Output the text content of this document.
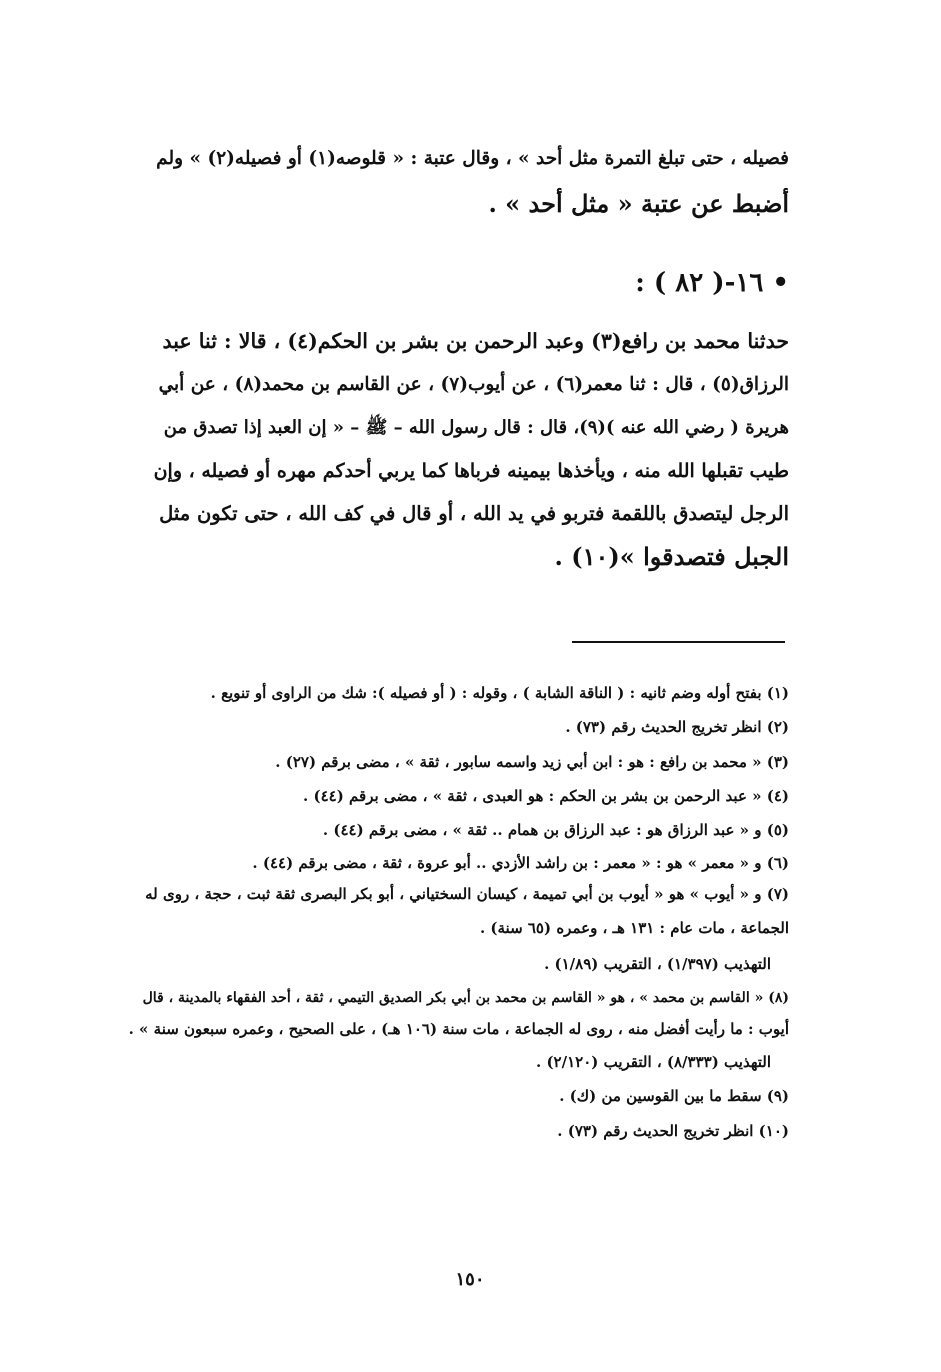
فصيله ، حتى تبلغ التمرة مثل أحد » ، وقال عتبة : « قلوصه(١) أو فصيله(٢) » ولم
أضبط عن عتبة « مثل أحد » .
• ١٦-( ٨٢ ) :
حدثنا محمد بن رافع(٣) وعبد الرحمن بن بشر بن الحكم(٤) ، قالا : ثنا عبد
الرزاق(٥) ، قال : ثنا معمر(٦) ، عن أيوب(٧) ، عن القاسم بن محمد(٨) ، عن أبي
هريرة ( رضي الله عنه )(٩)، قال : قال رسول الله – ﷺ – « إن العبد إذا تصدق من
طيب تقبلها الله منه ، ويأخذها بيمينه فرباها كما يربي أحدكم مهره أو فصيله ، وإن
الرجل ليتصدق باللقمة فتربو في يد الله ، أو قال في كف الله ، حتى تكون مثل
الجبل فتصدقوا »(١٠) .
(١) بفتح أوله وضم ثانيه : ( الناقة الشابة ) ، وقوله : ( أو فصيله ): شك من الراوى أو تنويع .
(٢) انظر تخريج الحديث رقم (٧٣) .
(٣) « محمد بن رافع : هو : ابن أبي زيد واسمه سابور ، ثقة » ، مضى برقم (٢٧) .
(٤) « عبد الرحمن بن بشر بن الحكم : هو العبدى ، ثقة » ، مضى برقم (٤٤) .
(٥) و « عبد الرزاق هو : عبد الرزاق بن همام .. ثقة » ، مضى برقم (٤٤) .
(٦) و « معمر » هو : « معمر : بن راشد الأزدي .. أبو عروة ، ثقة ، مضى برقم (٤٤) .
(٧) و « أيوب » هو « أيوب بن أبي تميمة ، كيسان السختياني ، أبو بكر البصرى ثقة ثبت ، حجة ، روى له
الجماعة ، مات عام : ١٣١ هـ ، وعمره (٦٥ سنة) .
التهذيب (١/٣٩٧) ، التقريب (١/٨٩) .
(٨) « القاسم بن محمد » ، هو « القاسم بن محمد بن أبي بكر الصديق التيمي ، ثقة ، أحد الفقهاء بالمدينة ، قال
أيوب : ما رأيت أفضل منه ، روى له الجماعة ، مات سنة (١٠٦ هـ) ، على الصحيح ، وعمره سبعون سنة » .
التهذيب (٨/٣٣٣) ، التقريب (٢/١٢٠) .
(٩) سقط ما بين القوسين من (ك) .
(١٠) انظر تخريج الحديث رقم (٧٣) .
١٥٠
